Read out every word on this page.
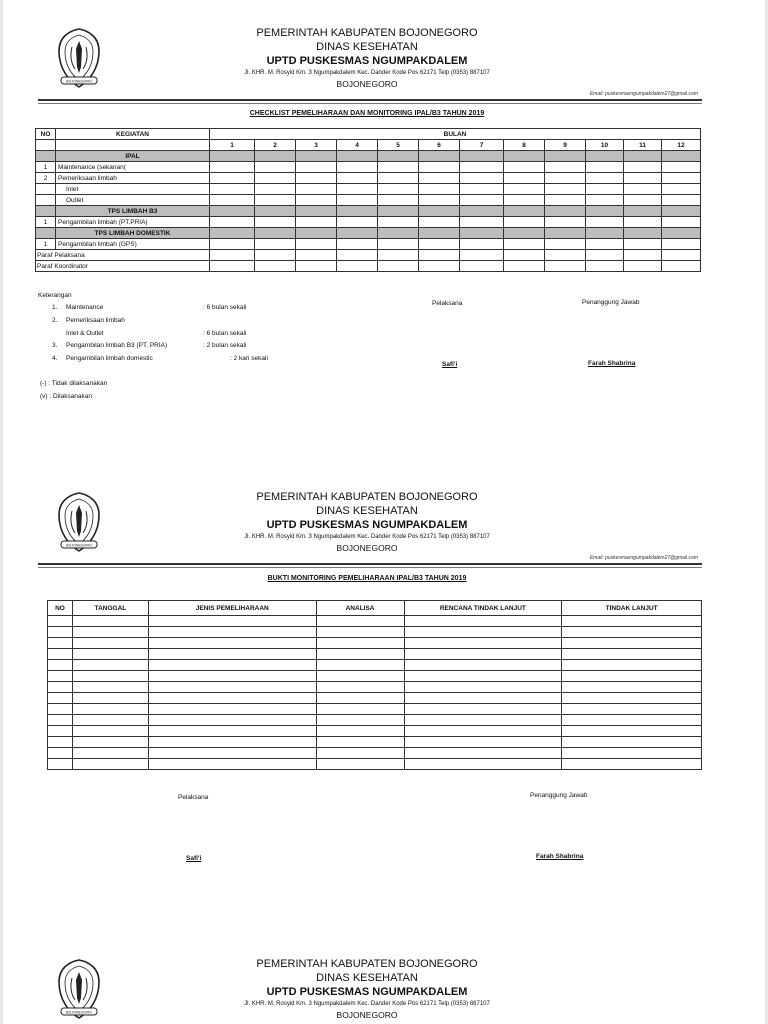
BOJONEGORO
PEMERINTAH KABUPATEN BOJONEGORO
DINAS KESEHATAN
UPTD PUSKESMAS NGUMPAKDALEM
Jl. KHR. M. Rosyid Km. 3 Ngumpakdalem Kec. Dander Kode Pos 62171 Telp (0353) 887107
BOJONEGORO
Email: puskesmasngumpakdalem27@gmail.com
CHECKLIST PEMELIHARAAN DAN MONITORING IPAL/B3 TAHUN 2019
NO	KEGIATAN	BULAN											
		1	2	3	4	5	6	7	8	9	10	11	12
	IPAL												
1	Maintenance (sekanan(												
2	Pemeriksaan limbah												
	Inlet												
	Outlet												
	TPS LIMBAH B3												
1	Pengambilan limbah (PT.PRIA)												
	TPS LIMBAH DOMESTIK												
1	Pengambilan limbah (GPS)												
Paraf Pelaksana													
Paraf Koordinator													
Keterangan
1. Maintenance	: 6 bulan sekali
2. Pemeriksaan limbah
Inlet & Outlet	: 6 bulan sekali
3. Pengambilan limbah B3 (PT. PRIA)	: 2 bulan sekali
4. Pengambilan limbah domestic	: 2 kari sekali
(-) : Tidak dilaksanakan
(v) : Dilaksanakan
Pelaksana	Penanggung Jawab
Safi'i	Farah Shabrina
BOJONEGORO
PEMERINTAH KABUPATEN BOJONEGORO
DINAS KESEHATAN
UPTD PUSKESMAS NGUMPAKDALEM
Jl. KHR. M. Rosyid Km. 3 Ngumpakdalem Kec. Dander Kode Pos 62171 Telp (0353) 887107
BOJONEGORO
Email: puskesmasngumpakdalem27@gmail.com
BUKTI MONITORING PEMELIHARAAN IPAL/B3 TAHUN 2019
NO	TANGGAL	JENIS PEMELIHARAAN	ANALISA	RENCANA TINDAK LANJUT	TINDAK LANJUT

Pelaksana	Penanggung Jawab
Safi'i	Farah Shabrina
BOJONEGORO
PEMERINTAH KABUPATEN BOJONEGORO
DINAS KESEHATAN
UPTD PUSKESMAS NGUMPAKDALEM
Jl. KHR. M. Rosyid Km. 3 Ngumpakdalem Kec. Dander Kode Pos 62171 Telp (0353) 887107
BOJONEGORO
